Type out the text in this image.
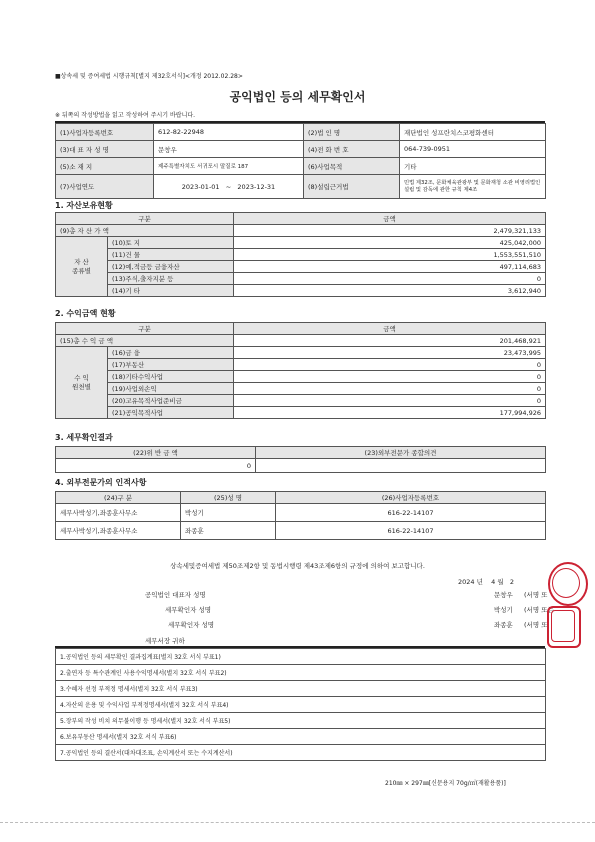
■상속세 및 증여세법 시행규칙[별지 제32호서식]<개정 2012.02.28>
공익법인 등의 세무확인서
※ 뒤쪽의 작성방법을 읽고 작성하여 주시기 바랍니다.
(1)사업자등록번호	612-82-22948	(2)법 인 명	재단법인 성프란치스코평화센터
(3)대 표 자 성 명	문창우	(4)전 화 번 호	064-739-0951
(5)소 재 지	제주특별자치도 서귀포시 말질로 187	(6)사업목적	기타
(7)사업연도	2023-01-01 ~ 2023-12-31	(8)설립근거법	민법 제32조, 문화체육관광부 및 문화재청 소관 비영리법인 설립 및 감독에 관한 규칙 제4조
1. 자산보유현황
구분		금액
(9)총 자 산 가 액		2,479,321,133

자 산
종류별	(10)토 지	425,042,000
	(11)건 물	1,553,551,510
	(12)예,적금등 금융자산	497,114,683
	(13)주식,출자지분 등	0
	(14)기 타	3,612,940
2. 수익금액 현황
구분		금액
(15)총 수 익 금 액		201,468,921

수 익
원천별	(16)금 융	23,473,995
	(17)부동산	0
	(18)기타수익사업	0
	(19)사업외손익	0
	(20)고유목적사업준비금	0
	(21)공익목적사업	177,994,926
3. 세무확인결과
(22)위 반 금 액	(23)외부전문가 종합의견
0	
4. 외부전문가의 인적사항
(24)구 분	(25)성 명	(26)사업자등록번호
세무사박성기,좌종훈사무소	박성기	616-22-14107
세무사박성기,좌종훈사무소	좌종훈	616-22-14107
상속세및증여세법 제50조제2항 및 동법시행령 제43조제6항의 규정에 의하여 보고합니다.
2024 년 4 월 2
공익법인 대표자 성명	문창우 (서명 또
세무확인자 성명	박성기 (서명 또는
세무확인자 성명	좌종훈 (서명 또
세무서장 귀하
1.공익법인 등의 세무확인 결과집계표(별지 32호 서식 부표1)
2.출연자 등 특수관계인 사용수익명세서(별지 32호 서식 부표2)
3.수혜자 선정 부적정 명세서(별지 32호 서식 부표3)
4.자산의 운용 및 수익사업 부적정명세서(별지 32호 서식 부표4)
5.장부의 작성 비치 의무불이행 등 명세서(별지 32호 서식 부표5)
6.보유부동산 명세서(별지 32호 서식 부표6)
7.공익법인 등의 결산서(대차대조표, 손익계산서 또는 수지계산서)
210㎜ × 297㎜[신문용지 70g/㎡(재활용품)]
